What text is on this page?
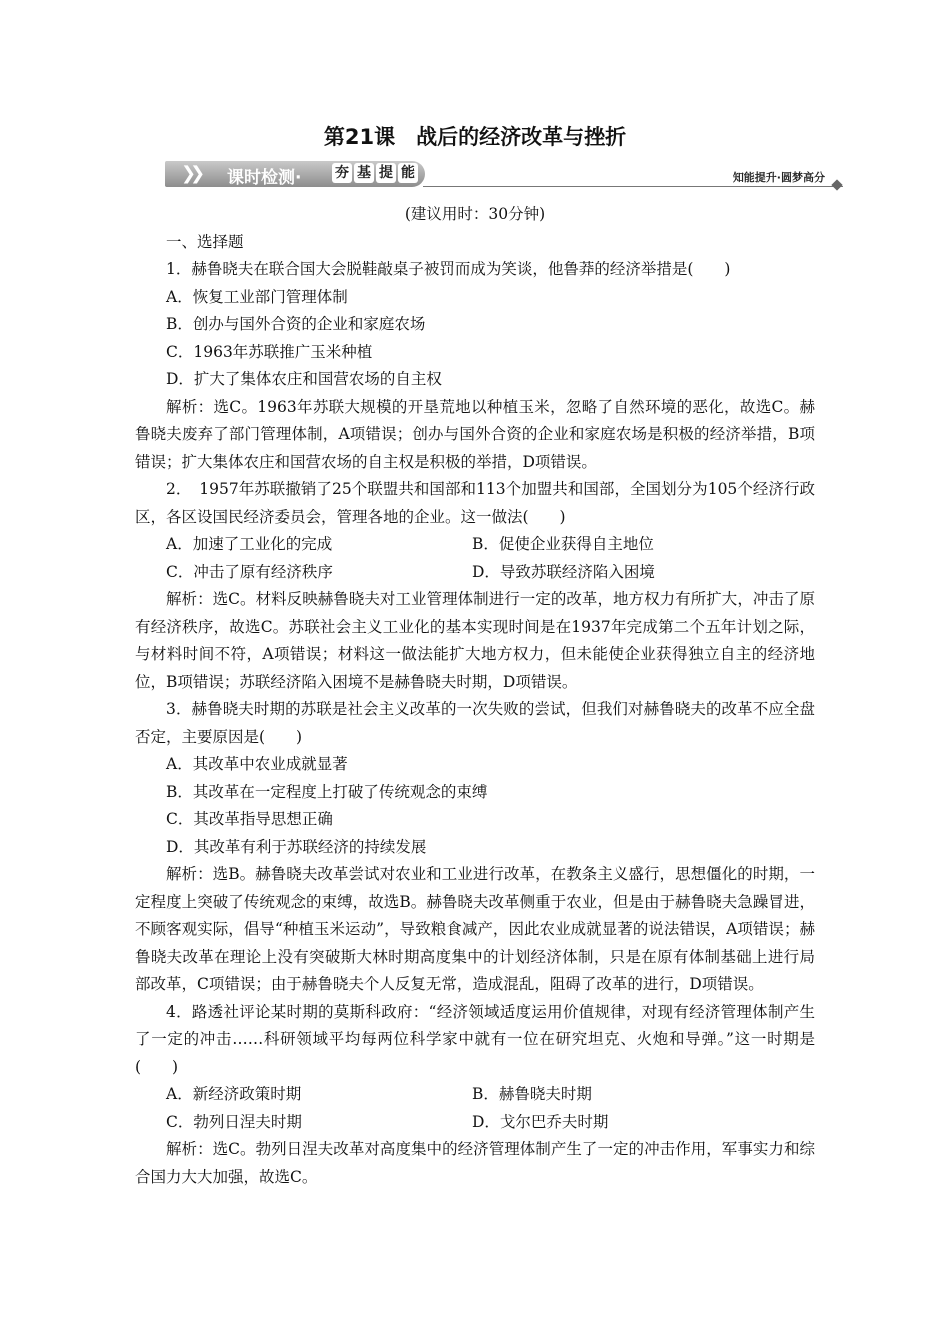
第21课　战后的经济改革与挫折
❯❯ 课时检测· 夯 基 提 能	知能提升·圆梦高分

(建议用时：30分钟)

一、选择题

1．赫鲁晓夫在联合国大会脱鞋敲桌子被罚而成为笑谈，他鲁莽的经济举措是(　　)

A．恢复工业部门管理体制

B．创办与国外合资的企业和家庭农场

C．1963年苏联推广玉米种植

D．扩大了集体农庄和国营农场的自主权

解析：选C。1963年苏联大规模的开垦荒地以种植玉米，忽略了自然环境的恶化，故选C。赫鲁晓夫废弃了部门管理体制，A项错误；创办与国外合资的企业和家庭农场是积极的经济举措，B项错误；扩大集体农庄和国营农场的自主权是积极的举措，D项错误。

2．　1957年苏联撤销了25个联盟共和国部和113个加盟共和国部，全国划分为105个经济行政区，各区设国民经济委员会，管理各地的企业。这一做法(　　)

A．加速了工业化的完成	B．促使企业获得自主地位
C．冲击了原有经济秩序	D．导致苏联经济陷入困境

解析：选C。材料反映赫鲁晓夫对工业管理体制进行一定的改革，地方权力有所扩大，冲击了原有经济秩序，故选C。苏联社会主义工业化的基本实现时间是在1937年完成第二个五年计划之际，与材料时间不符，A项错误；材料这一做法能扩大地方权力，但未能使企业获得独立自主的经济地位，B项错误；苏联经济陷入困境不是赫鲁晓夫时期，D项错误。

3．赫鲁晓夫时期的苏联是社会主义改革的一次失败的尝试，但我们对赫鲁晓夫的改革不应全盘否定，主要原因是(　　)

A．其改革中农业成就显著

B．其改革在一定程度上打破了传统观念的束缚

C．其改革指导思想正确

D．其改革有利于苏联经济的持续发展

解析：选B。赫鲁晓夫改革尝试对农业和工业进行改革，在教条主义盛行，思想僵化的时期，一定程度上突破了传统观念的束缚，故选B。赫鲁晓夫改革侧重于农业，但是由于赫鲁晓夫急躁冒进，不顾客观实际，倡导“种植玉米运动”，导致粮食减产，因此农业成就显著的说法错误，A项错误；赫鲁晓夫改革在理论上没有突破斯大林时期高度集中的计划经济体制，只是在原有体制基础上进行局部改革，C项错误；由于赫鲁晓夫个人反复无常，造成混乱，阻碍了改革的进行，D项错误。

4．路透社评论某时期的莫斯科政府：“经济领域适度运用价值规律，对现有经济管理体制产生了一定的冲击……科研领域平均每两位科学家中就有一位在研究坦克、火炮和导弹。”这一时期是(　　)

A．新经济政策时期	B．赫鲁晓夫时期
C．勃列日涅夫时期	D．戈尔巴乔夫时期

解析：选C。勃列日涅夫改革对高度集中的经济管理体制产生了一定的冲击作用，军事实力和综合国力大大加强，故选C。
